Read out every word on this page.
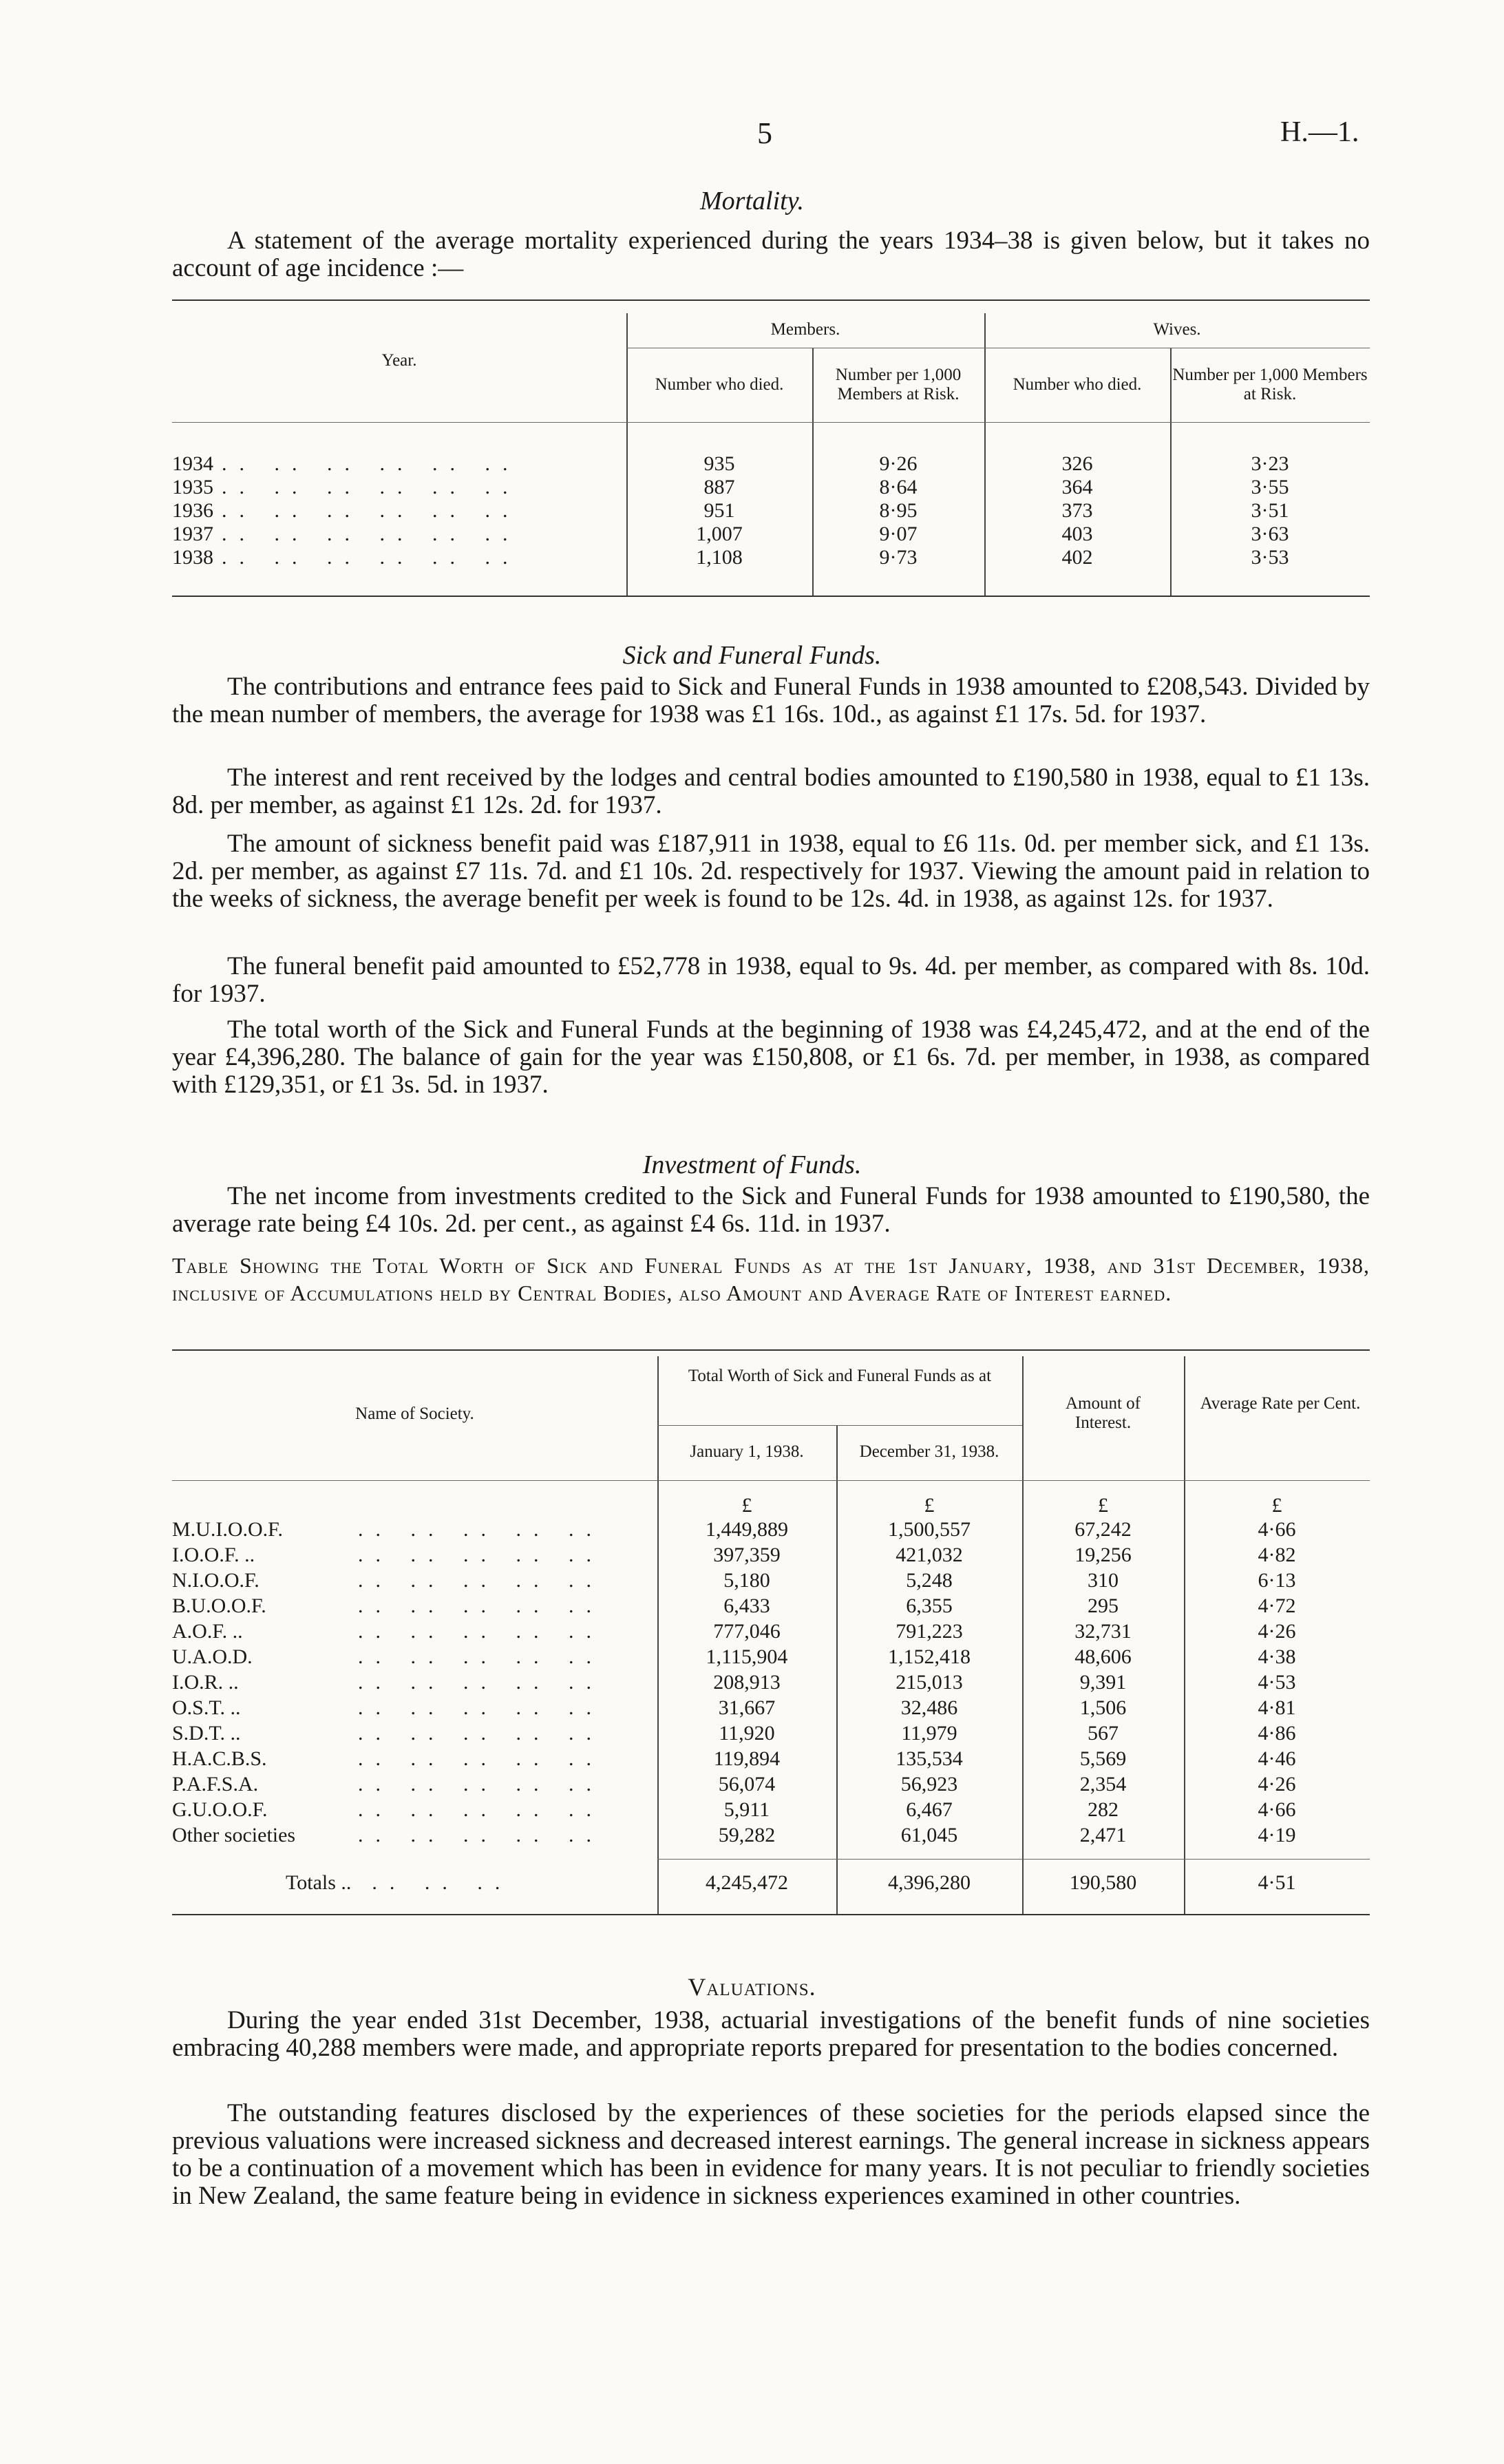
5	H.—1.
Mortality.
A statement of the average mortality experienced during the years 1934–38 is given below, but it takes no account of age incidence :—
Year.
Members.	Wives.
Number who died.
Number per 1,000 Members at Risk.
Number who died.
Number per 1,000 Members at Risk.
1934 .. .. .. .. .. ..	935	9·26	326	3·23
1935 .. .. .. .. .. ..	887	8·64	364	3·55
1936 .. .. .. .. .. ..	951	8·95	373	3·51
1937 .. .. .. .. .. ..	1,007	9·07	403	3·63
1938 .. .. .. .. .. ..	1,108	9·73	402	3·53
Sick and Funeral Funds.
The contributions and entrance fees paid to Sick and Funeral Funds in 1938 amounted to £208,543. Divided by the mean number of members, the average for 1938 was £1 16s. 10d., as against £1 17s. 5d. for 1937.
The interest and rent received by the lodges and central bodies amounted to £190,580 in 1938, equal to £1 13s. 8d. per member, as against £1 12s. 2d. for 1937.
The amount of sickness benefit paid was £187,911 in 1938, equal to £6 11s. 0d. per member sick, and £1 13s. 2d. per member, as against £7 11s. 7d. and £1 10s. 2d. respectively for 1937. Viewing the amount paid in relation to the weeks of sickness, the average benefit per week is found to be 12s. 4d. in 1938, as against 12s. for 1937.
The funeral benefit paid amounted to £52,778 in 1938, equal to 9s. 4d. per member, as compared with 8s. 10d. for 1937.
The total worth of the Sick and Funeral Funds at the beginning of 1938 was £4,245,472, and at the end of the year £4,396,280. The balance of gain for the year was £150,808, or £1 6s. 7d. per member, in 1938, as compared with £129,351, or £1 3s. 5d. in 1937.
Investment of Funds.
The net income from investments credited to the Sick and Funeral Funds for 1938 amounted to £190,580, the average rate being £4 10s. 2d. per cent., as against £4 6s. 11d. in 1937.
Table Showing the Total Worth of Sick and Funeral Funds as at the 1st January, 1938, and 31st December, 1938, inclusive of Accumulations held by Central Bodies, also Amount and Average Rate of Interest earned.
Name of Society.
Total Worth of Sick and Funeral Funds as at
January 1, 1938.	December 31, 1938.
Amount of Interest.
Average Rate per Cent.
£	£	£	£
M.U.I.O.O.F.	.. .. .. .. ..	1,449,889	1,500,557	67,242	4·66
I.O.O.F. ..	.. .. .. .. ..	397,359	421,032	19,256	4·82
N.I.O.O.F.	.. .. .. .. ..	5,180	5,248	310	6·13
B.U.O.O.F.	.. .. .. .. ..	6,433	6,355	295	4·72
A.O.F. ..	.. .. .. .. ..	777,046	791,223	32,731	4·26
U.A.O.D.	.. .. .. .. ..	1,115,904	1,152,418	48,606	4·38
I.O.R. ..	.. .. .. .. ..	208,913	215,013	9,391	4·53
O.S.T. ..	.. .. .. .. ..	31,667	32,486	1,506	4·81
S.D.T. ..	.. .. .. .. ..	11,920	11,979	567	4·86
H.A.C.B.S.	.. .. .. .. ..	119,894	135,534	5,569	4·46
P.A.F.S.A.	.. .. .. .. ..	56,074	56,923	2,354	4·26
G.U.O.O.F.	.. .. .. .. ..	5,911	6,467	282	4·66
Other societies	.. .. .. .. ..	59,282	61,045	2,471	4·19
Totals .. .. .. ..	4,245,472	4,396,280	190,580	4·51
Valuations.
During the year ended 31st December, 1938, actuarial investigations of the benefit funds of nine societies embracing 40,288 members were made, and appropriate reports prepared for presentation to the bodies concerned.
The outstanding features disclosed by the experiences of these societies for the periods elapsed since the previous valuations were increased sickness and decreased interest earnings. The general increase in sickness appears to be a continuation of a movement which has been in evidence for many years. It is not peculiar to friendly societies in New Zealand, the same feature being in evidence in sickness experiences examined in other countries.
